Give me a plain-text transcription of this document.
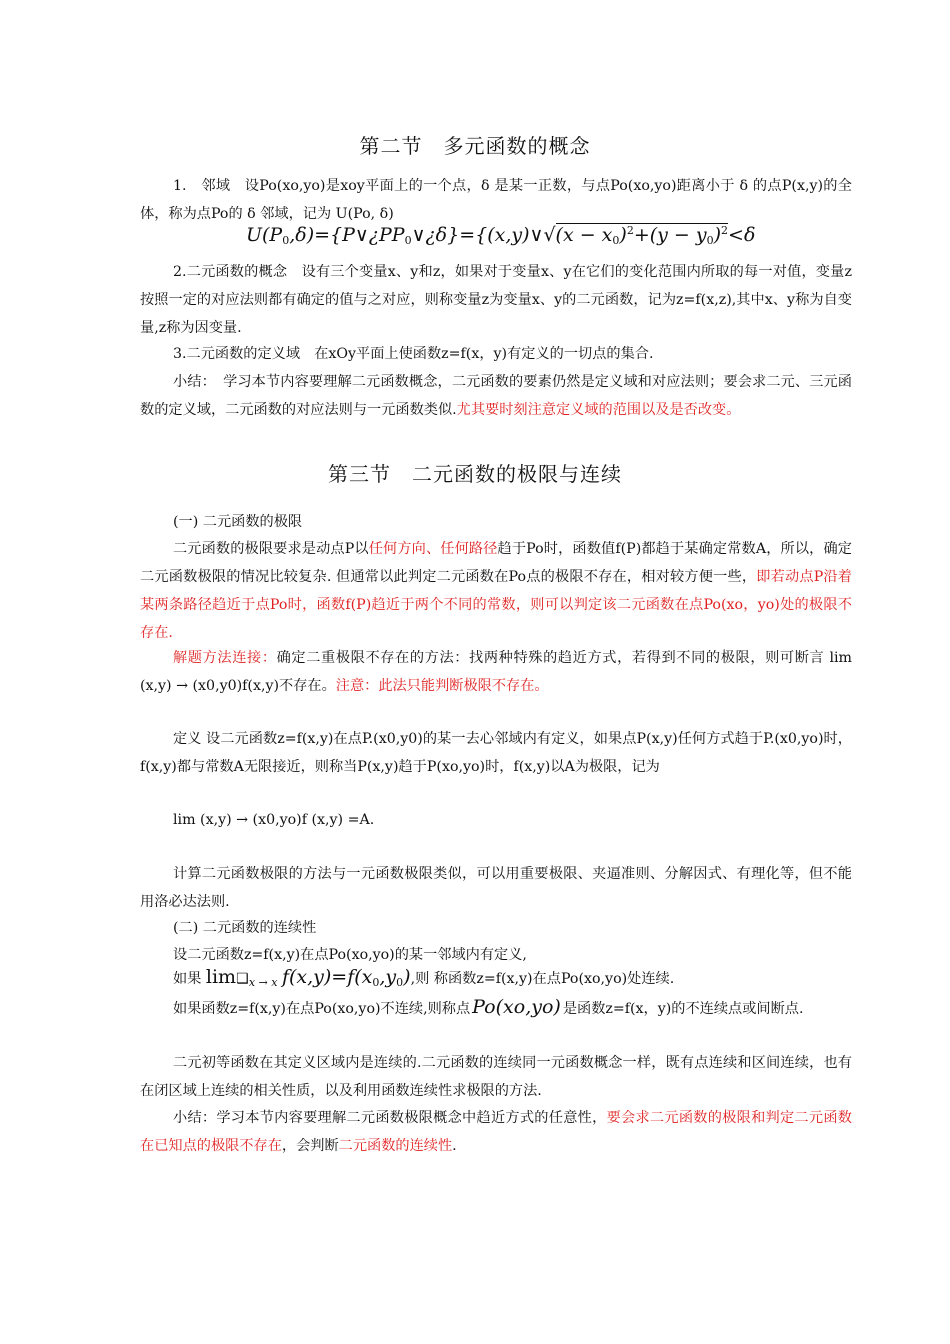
第二节　多元函数的概念
1.　邻域　设Po(xo,yo)是xoy平面上的一个点，δ 是某一正数，与点Po(xo,yo)距离小于 δ 的点P(x,y)的全体，称为点Po的 δ 邻域，记为 U(Po, δ)
$U(P_0,\delta)=\{P\vee¿PP_0\vee¿\delta\}=\{(x,y)\vee√(x - x_0)^2+(y - y_0)^2<\delta$
2.二元函数的概念　设有三个变量x、y和z，如果对于变量x、y在它们的变化范围内所取的每一对值，变量z按照一定的对应法则都有确定的值与之对应，则称变量z为变量x、y的二元函数，记为z=f(x,z),其中x、y称为自变量,z称为因变量.
3.二元函数的定义域　在xOy平面上使函数z=f(x，y)有定义的一切点的集合.
小结：　学习本节内容要理解二元函数概念，二元函数的要素仍然是定义域和对应法则；要会求二元、三元函数的定义域，二元函数的对应法则与一元函数类似.尤其要时刻注意定义域的范围以及是否改变。
第三节　二元函数的极限与连续
(一) 二元函数的极限
二元函数的极限要求是动点P以任何方向、任何路径趋于Po时，函数值f(P)都趋于某确定常数A，所以，确定二元函数极限的情况比较复杂. 但通常以此判定二元函数在Po点的极限不存在，相对较方便一些，即若动点P沿着某两条路径趋近于点Po时，函数f(P)趋近于两个不同的常数，则可以判定该二元函数在点Po(xo，yo)处的极限不存在.
解题方法连接：确定二重极限不存在的方法：找两种特殊的趋近方式，若得到不同的极限，则可断言 lim (x,y) → (x0,y0)f(x,y)不存在。注意：此法只能判断极限不存在。
定义 设二元函数z=f(x,y)在点P.(x0,y0)的某一去心邻域内有定义，如果点P(x,y)任何方式趋于P.(x0,yo)时，f(x,y)都与常数A无限接近，则称当P(x,y)趋于P(xo,yo)时，f(x,y)以A为极限，记为
lim (x,y) → (x0,yo)f (x,y) =A.
计算二元函数极限的方法与一元函数极限类似，可以用重要极限、夹逼准则、分解因式、有理化等，但不能用洛必达法则.
(二) 二元函数的连续性
设二元函数z=f(x,y)在点Po(xo,yo)的某一邻域内有定义,
如果 $\lim❑_{x \to x}$ $f(x,y)=f(x_0,y_0)$,则 称函数z=f(x,y)在点Po(xo,yo)处连续.
如果函数z=f(x,y)在点Po(xo,yo)不连续,则称点 Po(xo,yo) 是函数z=f(x，y)的不连续点或间断点.
二元初等函数在其定义区域内是连续的.二元函数的连续同一元函数概念一样，既有点连续和区间连续，也有在闭区域上连续的相关性质，以及利用函数连续性求极限的方法.
小结：学习本节内容要理解二元函数极限概念中趋近方式的任意性，要会求二元函数的极限和判定二元函数在已知点的极限不存在，会判断二元函数的连续性.
